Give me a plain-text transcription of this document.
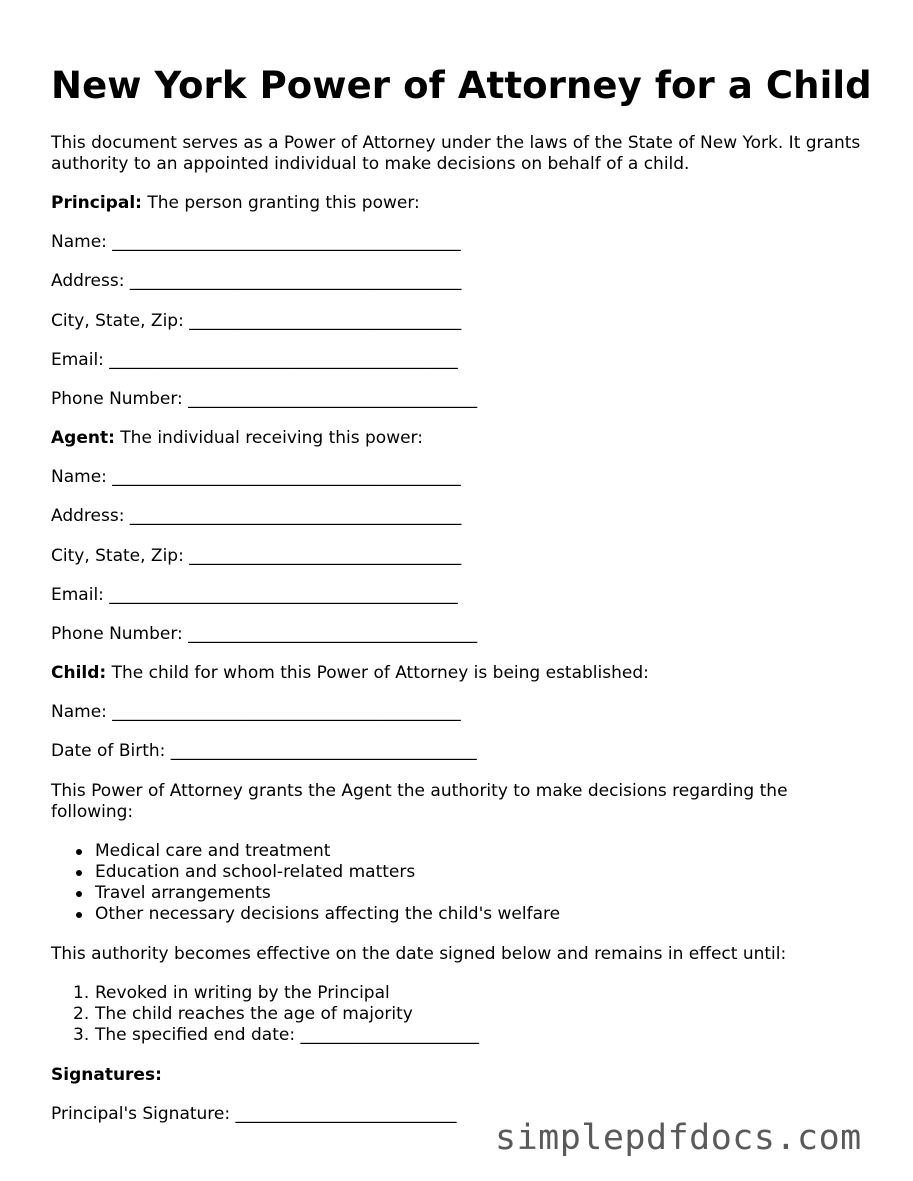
New York Power of Attorney for a Child
This document serves as a Power of Attorney under the laws of the State of New York. It grants authority to an appointed individual to make decisions on behalf of a child.
Principal: The person granting this power:
Name: _________________________________________
Address: _______________________________________
City, State, Zip: ________________________________
Email: _________________________________________
Phone Number: __________________________________
Agent: The individual receiving this power:
Name: _________________________________________
Address: _______________________________________
City, State, Zip: ________________________________
Email: _________________________________________
Phone Number: __________________________________
Child: The child for whom this Power of Attorney is being established:
Name: _________________________________________
Date of Birth: ____________________________________
This Power of Attorney grants the Agent the authority to make decisions regarding the following:
Medical care and treatment
Education and school-related matters
Travel arrangements
Other necessary decisions affecting the child's welfare
This authority becomes effective on the date signed below and remains in effect until:
1. Revoked in writing by the Principal
2. The child reaches the age of majority
3. The specified end date: _____________________
Signatures:
Principal's Signature: __________________________
simplepdfdocs.com
